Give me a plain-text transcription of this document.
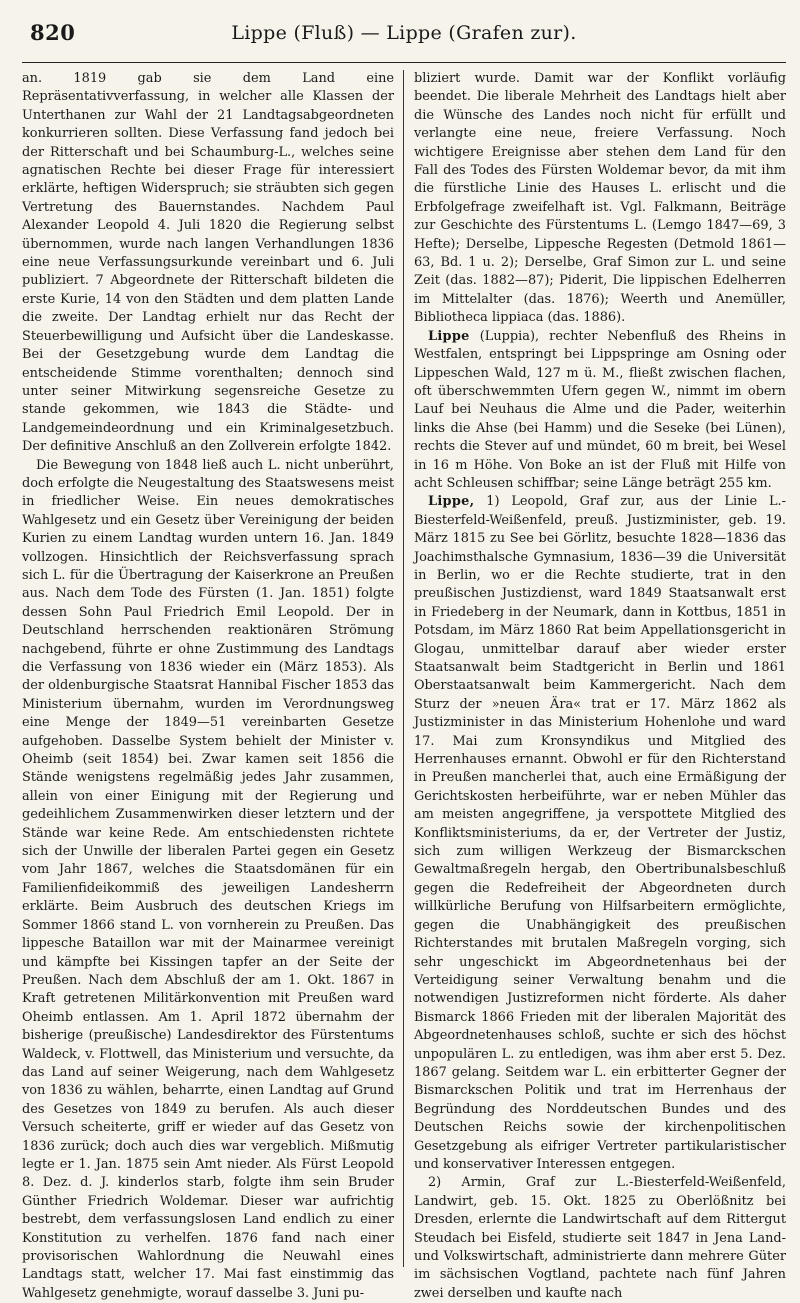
820	Lippe (Fluß) — Lippe (Grafen zur).

an. 1819 gab sie dem Land eine Repräsentativverfassung, in welcher alle Klassen der Unterthanen zur Wahl der 21 Landtagsabgeordneten konkurrieren sollten. Diese Verfassung fand jedoch bei der Ritterschaft und bei Schaumburg-L., welches seine agnatischen Rechte bei dieser Frage für interessiert erklärte, heftigen Widerspruch; sie sträubten sich gegen Vertretung des Bauernstandes. Nachdem Paul Alexander Leopold 4. Juli 1820 die Regierung selbst übernommen, wurde nach langen Verhandlungen 1836 eine neue Verfassungsurkunde vereinbart und 6. Juli publiziert. 7 Abgeordnete der Ritterschaft bildeten die erste Kurie, 14 von den Städten und dem platten Lande die zweite. Der Landtag erhielt nur das Recht der Steuerbewilligung und Aufsicht über die Landeskasse. Bei der Gesetzgebung wurde dem Landtag die entscheidende Stimme vorenthalten; dennoch sind unter seiner Mitwirkung segensreiche Gesetze zu stande gekommen, wie 1843 die Städte- und Landgemeindeordnung und ein Kriminalgesetzbuch. Der definitive Anschluß an den Zollverein erfolgte 1842.

Die Bewegung von 1848 ließ auch L. nicht unberührt, doch erfolgte die Neugestaltung des Staatswesens meist in friedlicher Weise. Ein neues demokratisches Wahlgesetz und ein Gesetz über Vereinigung der beiden Kurien zu einem Landtag wurden untern 16. Jan. 1849 vollzogen. Hinsichtlich der Reichsverfassung sprach sich L. für die Übertragung der Kaiserkrone an Preußen aus. Nach dem Tode des Fürsten (1. Jan. 1851) folgte dessen Sohn Paul Friedrich Emil Leopold. Der in Deutschland herrschenden reaktionären Strömung nachgebend, führte er ohne Zustimmung des Landtags die Verfassung von 1836 wieder ein (März 1853). Als der oldenburgische Staatsrat Hannibal Fischer 1853 das Ministerium übernahm, wurden im Verordnungsweg eine Menge der 1849—51 vereinbarten Gesetze aufgehoben. Dasselbe System behielt der Minister v. Oheimb (seit 1854) bei. Zwar kamen seit 1856 die Stände wenigstens regelmäßig jedes Jahr zusammen, allein von einer Einigung mit der Regierung und gedeihlichem Zusammenwirken dieser letztern und der Stände war keine Rede. Am entschiedensten richtete sich der Unwille der liberalen Partei gegen ein Gesetz vom Jahr 1867, welches die Staatsdomänen für ein Familienfideikommiß des jeweiligen Landesherrn erklärte. Beim Ausbruch des deutschen Kriegs im Sommer 1866 stand L. von vornherein zu Preußen. Das lippesche Bataillon war mit der Mainarmee vereinigt und kämpfte bei Kissingen tapfer an der Seite der Preußen. Nach dem Abschluß der am 1. Okt. 1867 in Kraft getretenen Militärkonvention mit Preußen ward Oheimb entlassen. Am 1. April 1872 übernahm der bisherige (preußische) Landesdirektor des Fürstentums Waldeck, v. Flottwell, das Ministerium und versuchte, da das Land auf seiner Weigerung, nach dem Wahlgesetz von 1836 zu wählen, beharrte, einen Landtag auf Grund des Gesetzes von 1849 zu berufen. Als auch dieser Versuch scheiterte, griff er wieder auf das Gesetz von 1836 zurück; doch auch dies war vergeblich. Mißmutig legte er 1. Jan. 1875 sein Amt nieder. Als Fürst Leopold 8. Dez. d. J. kinderlos starb, folgte ihm sein Bruder Günther Friedrich Woldemar. Dieser war aufrichtig bestrebt, dem verfassungslosen Land endlich zu einer Konstitution zu verhelfen. 1876 fand nach einer provisorischen Wahlordnung die Neuwahl eines Landtags statt, welcher 17. Mai fast einstimmig das Wahlgesetz genehmigte, worauf dasselbe 3. Juni pu-

bliziert wurde. Damit war der Konflikt vorläufig beendet. Die liberale Mehrheit des Landtags hielt aber die Wünsche des Landes noch nicht für erfüllt und verlangte eine neue, freiere Verfassung. Noch wichtigere Ereignisse aber stehen dem Land für den Fall des Todes des Fürsten Woldemar bevor, da mit ihm die fürstliche Linie des Hauses L. erlischt und die Erbfolgefrage zweifelhaft ist. Vgl. Falkmann, Beiträge zur Geschichte des Fürstentums L. (Lemgo 1847—69, 3 Hefte); Derselbe, Lippesche Regesten (Detmold 1861—63, Bd. 1 u. 2); Derselbe, Graf Simon zur L. und seine Zeit (das. 1882—87); Piderit, Die lippischen Edelherren im Mittelalter (das. 1876); Weerth und Anemüller, Bibliotheca lippiaca (das. 1886).

Lippe (Luppia), rechter Nebenfluß des Rheins in Westfalen, entspringt bei Lippspringe am Osning oder Lippeschen Wald, 127 m ü. M., fließt zwischen flachen, oft überschwemmten Ufern gegen W., nimmt im obern Lauf bei Neuhaus die Alme und die Pader, weiterhin links die Ahse (bei Hamm) und die Seseke (bei Lünen), rechts die Stever auf und mündet, 60 m breit, bei Wesel in 16 m Höhe. Von Boke an ist der Fluß mit Hilfe von acht Schleusen schiffbar; seine Länge beträgt 255 km.

Lippe, 1) Leopold, Graf zur, aus der Linie L.-Biesterfeld-Weißenfeld, preuß. Justizminister, geb. 19. März 1815 zu See bei Görlitz, besuchte 1828—1836 das Joachimsthalsche Gymnasium, 1836—39 die Universität in Berlin, wo er die Rechte studierte, trat in den preußischen Justizdienst, ward 1849 Staatsanwalt erst in Friedeberg in der Neumark, dann in Kottbus, 1851 in Potsdam, im März 1860 Rat beim Appellationsgericht in Glogau, unmittelbar darauf aber wieder erster Staatsanwalt beim Stadtgericht in Berlin und 1861 Oberstaatsanwalt beim Kammergericht. Nach dem Sturz der »neuen Ära« trat er 17. März 1862 als Justizminister in das Ministerium Hohenlohe und ward 17. Mai zum Kronsyndikus und Mitglied des Herrenhauses ernannt. Obwohl er für den Richterstand in Preußen mancherlei that, auch eine Ermäßigung der Gerichtskosten herbeiführte, war er neben Mühler das am meisten angegriffene, ja verspottete Mitglied des Konfliktsministeriums, da er, der Vertreter der Justiz, sich zum willigen Werkzeug der Bismarckschen Gewaltmaßregeln hergab, den Obertribunalsbeschluß gegen die Redefreiheit der Abgeordneten durch willkürliche Berufung von Hilfsarbeitern ermöglichte, gegen die Unabhängigkeit des preußischen Richterstandes mit brutalen Maßregeln vorging, sich sehr ungeschickt im Abgeordnetenhaus bei der Verteidigung seiner Verwaltung benahm und die notwendigen Justizreformen nicht förderte. Als daher Bismarck 1866 Frieden mit der liberalen Majorität des Abgeordnetenhauses schloß, suchte er sich des höchst unpopulären L. zu entledigen, was ihm aber erst 5. Dez. 1867 gelang. Seitdem war L. ein erbitterter Gegner der Bismarckschen Politik und trat im Herrenhaus der Begründung des Norddeutschen Bundes und des Deutschen Reichs sowie der kirchenpolitischen Gesetzgebung als eifriger Vertreter partikularistischer und konservativer Interessen entgegen.

2) Armin, Graf zur L.-Biesterfeld-Weißenfeld, Landwirt, geb. 15. Okt. 1825 zu Oberlößnitz bei Dresden, erlernte die Landwirtschaft auf dem Rittergut Steudach bei Eisfeld, studierte seit 1847 in Jena Land- und Volkswirtschaft, administrierte dann mehrere Güter im sächsischen Vogtland, pachtete nach fünf Jahren zwei derselben und kaufte nach
